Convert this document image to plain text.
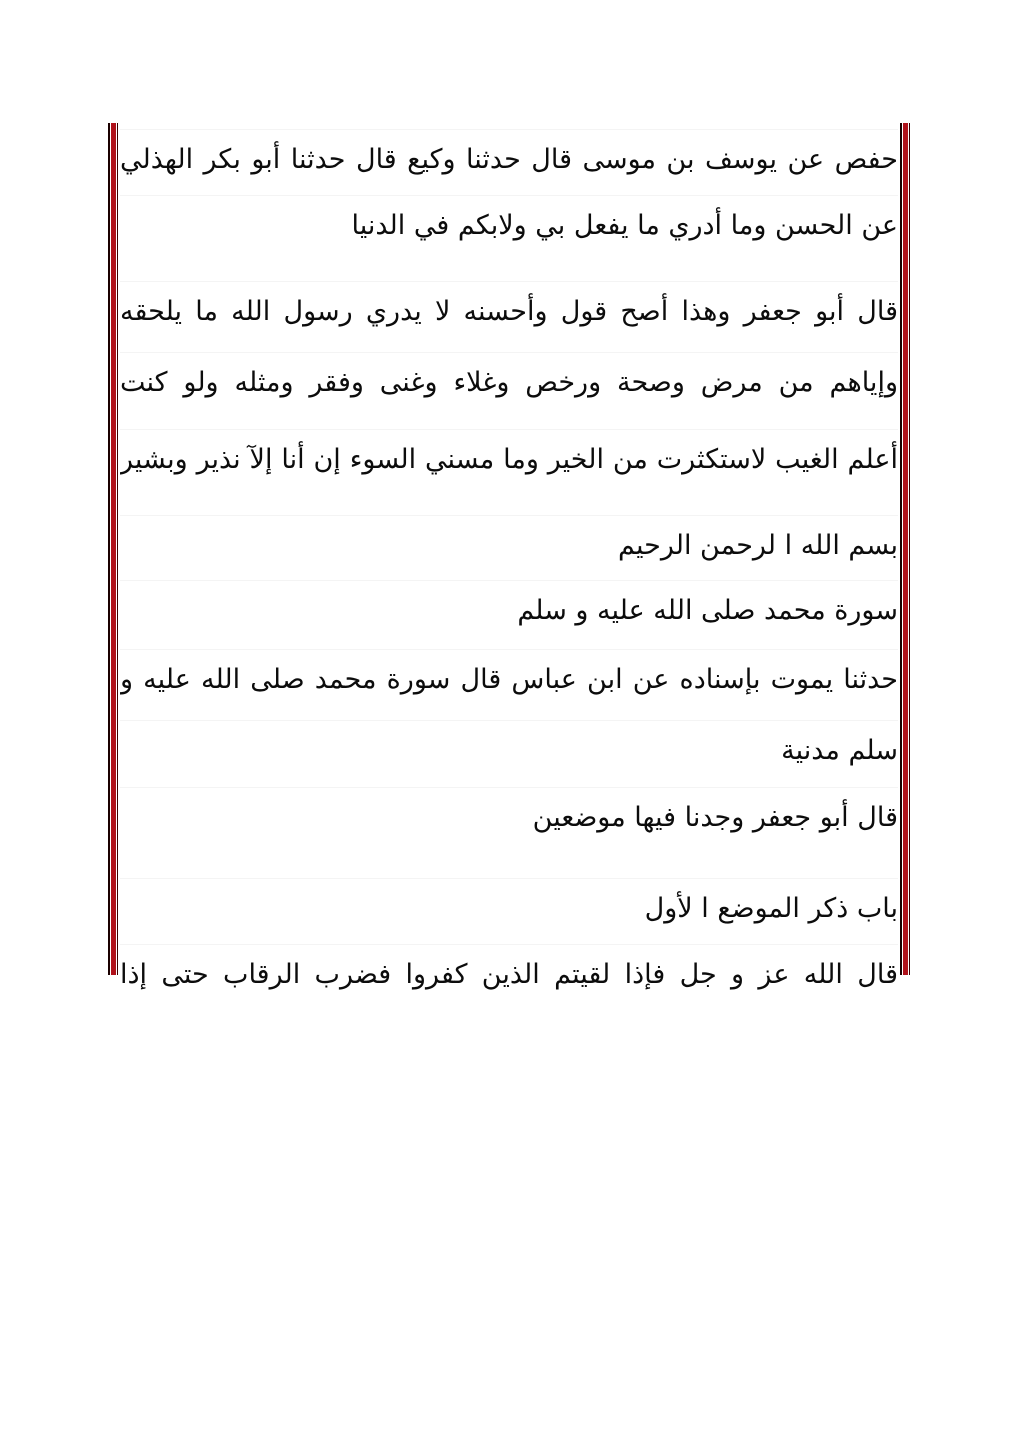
حفص عن يوسف بن موسى قال حدثنا وكيع قال حدثنا أبو بكر الهذلي
عن الحسن وما أدري ما يفعل بي ولابكم في الدنيا
قال أبو جعفر وهذا أصح قول وأحسنه لا يدري رسول الله ما يلحقه
وإياهم من مرض وصحة ورخص وغلاء وغنى وفقر ومثله ولو كنت
أعلم الغيب لاستكثرت من الخير وما مسني السوء إن أنا إلآ نذير وبشير
بسم الله ا لرحمن الرحيم
سورة محمد صلى الله عليه و سلم
حدثنا يموت بإسناده عن ابن عباس قال سورة محمد صلى الله عليه و
سلم مدنية
قال أبو جعفر وجدنا فيها موضعين
باب ذكر الموضع ا لأول
قال الله عز و جل فإذا لقيتم الذين كفروا فضرب الرقاب حتى إذا
